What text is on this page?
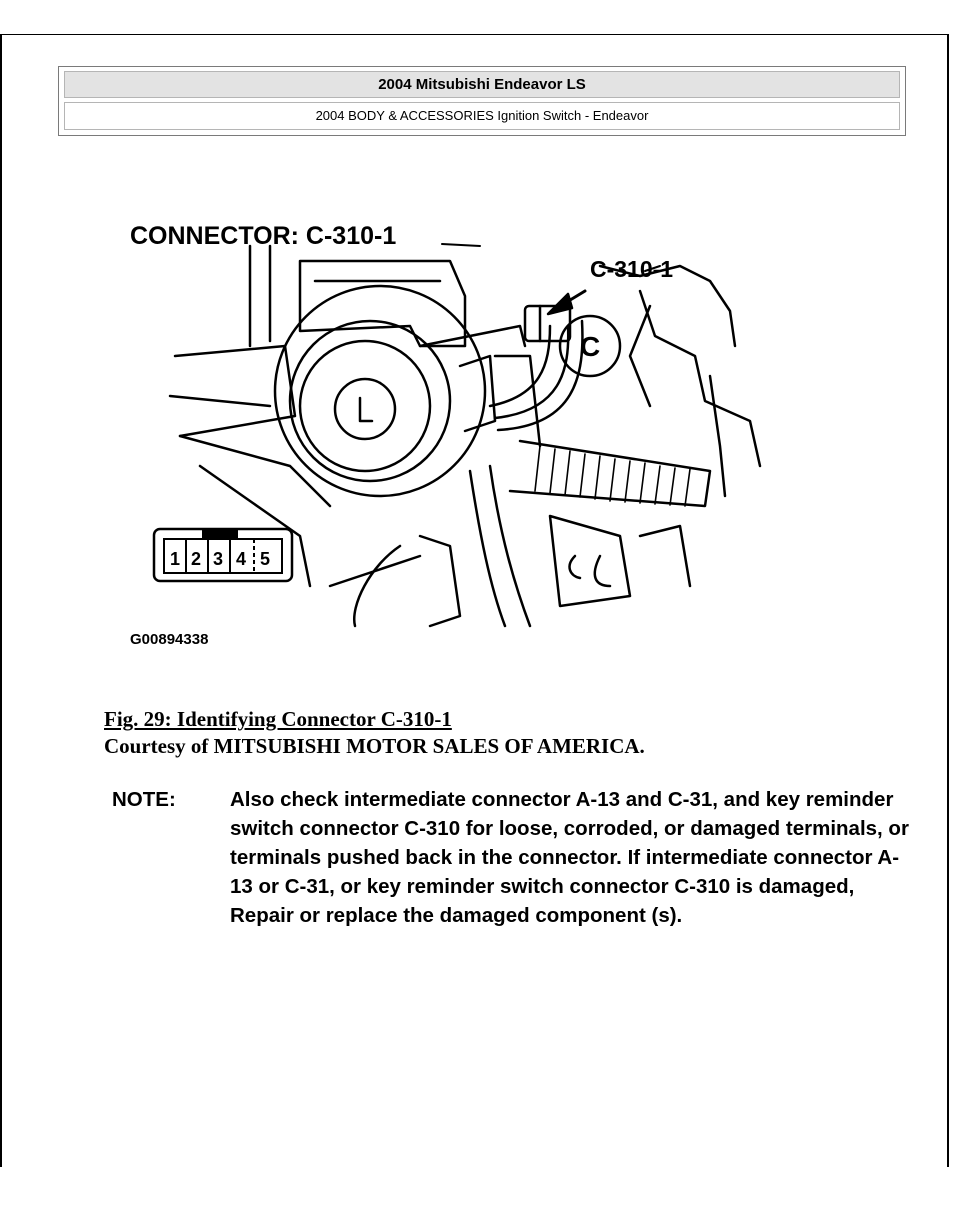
2004 Mitsubishi Endeavor LS
2004 BODY & ACCESSORIES Ignition Switch - Endeavor
1 2 3 4 5
CONNECTOR: C-310-1
C-310-1
C
G00894338
Fig. 29: Identifying Connector C-310-1
Courtesy of MITSUBISHI MOTOR SALES OF AMERICA.
NOTE:	Also check intermediate connector A-13 and C-31, and key reminder switch connector C-310 for loose, corroded, or damaged terminals, or terminals pushed back in the connector. If intermediate connector A-13 or C-31, or key reminder switch connector C-310 is damaged, Repair or replace the damaged component (s).
